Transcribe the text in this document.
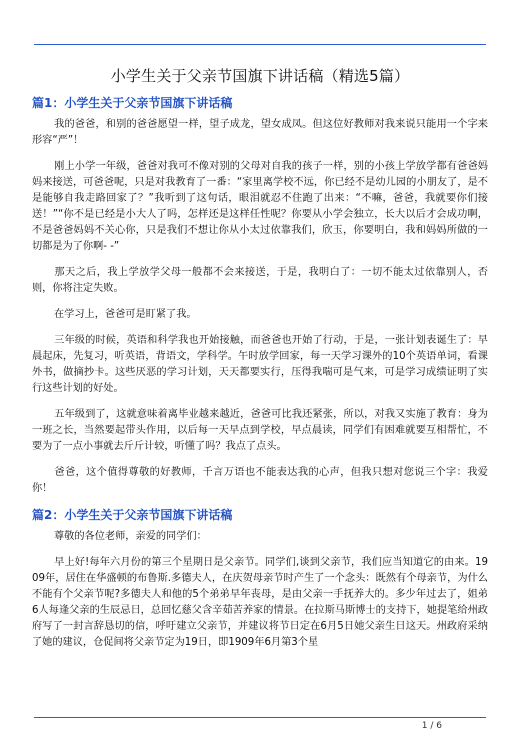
小学生关于父亲节国旗下讲话稿（精选5篇）
篇1：小学生关于父亲节国旗下讲话稿
我的爸爸，和别的爸爸愿望一样，望子成龙，望女成凤。但这位好教师对我来说只能用一个字来形容“严”！
刚上小学一年级，爸爸对我可不像对别的父母对自我的孩子一样，别的小孩上学放学都有爸爸妈妈来接送，可爸爸呢，只是对我教育了一番：“家里离学校不远，你已经不是幼儿园的小朋友了，是不是能够自我走路回家了？”我听到了这句话，眼泪就忍不住跑了出来：“不嘛，爸爸，我就要你们接送！”“你不是已经是小大人了吗，怎样还是这样任性呢？你要从小学会独立，长大以后才会成功啊，不是爸爸妈妈不关心你，只是我们不想让你从小太过依靠我们，欣玉，你要明白，我和妈妈所做的一切都是为了你啊- -”
那天之后，我上学放学父母一般都不会来接送，于是，我明白了：一切不能太过依靠别人，否则，你将注定失败。
在学习上，爸爸可是盯紧了我。
三年级的时候，英语和科学我也开始接触，而爸爸也开始了行动，于是，一张计划表诞生了：早晨起床，先复习，听英语，背语文，学科学。午时放学回家，每一天学习课外的10个英语单词，看课外书，做摘抄卡。这些厌恶的学习计划，天天都要实行，压得我喘可是气来，可是学习成绩证明了实行这些计划的好处。
五年级到了，这就意味着离毕业越来越近，爸爸可比我还紧张，所以，对我又实施了教育：身为一班之长，当然要起带头作用，以后每一天早点到学校，早点晨读，同学们有困难就要互相帮忙，不要为了一点小事就去斤斤计较，听懂了吗？我点了点头。
爸爸，这个值得尊敬的好教师，千言万语也不能表达我的心声，但我只想对您说三个字：我爱你！
篇2：小学生关于父亲节国旗下讲话稿
尊敬的各位老师，亲爱的同学们：
早上好!每年六月份的第三个星期日是父亲节。同学们,谈到父亲节，我们应当知道它的由来。1909年，居住在华盛顿的布鲁斯.多德夫人，在庆贺母亲节时产生了一个念头：既然有个母亲节，为什么不能有个父亲节呢?多德夫人和他的5个弟弟早年丧母，是由父亲一手抚养大的。多少年过去了，姐弟6人每逢父亲的生辰忌日，总回忆慈父含辛茹苦养家的情景。在拉斯马斯博士的支持下，她提笔给州政府写了一封言辞恳切的信，呼吁建立父亲节，并建议将节日定在6月5日她父亲生日这天。州政府采纳了她的建议，仓促间将父亲节定为19日，即1909年6月第3个星
1 / 6
